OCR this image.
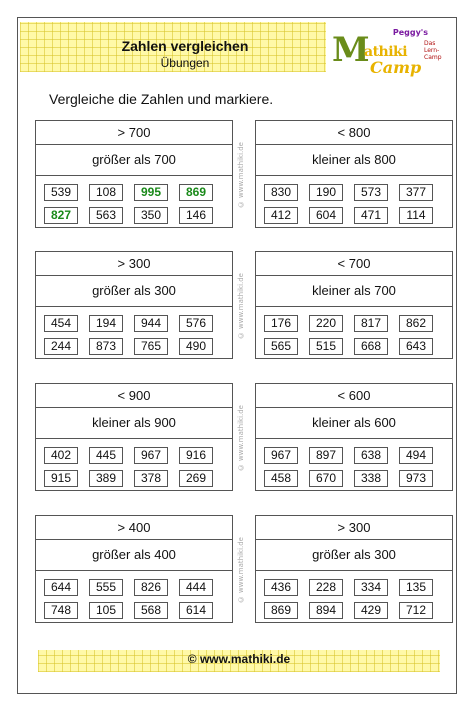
Zahlen vergleichen
Übungen
Peggy's
M
athiki
Camp
Das Lern-Camp
Vergleiche die Zahlen und markiere.
> 700
größer als 700
539	108	995	869
827	563	350	146
© www.mathiki.de
< 800
kleiner als 800
830	190	573	377
412	604	471	114
> 300
größer als 300
454	194	944	576
244	873	765	490
© www.mathiki.de
< 700
kleiner als 700
176	220	817	862
565	515	668	643
< 900
kleiner als 900
402	445	967	916
915	389	378	269
© www.mathiki.de
< 600
kleiner als 600
967	897	638	494
458	670	338	973
> 400
größer als 400
644	555	826	444
748	105	568	614
© www.mathiki.de
> 300
größer als 300
436	228	334	135
869	894	429	712
© www.mathiki.de
